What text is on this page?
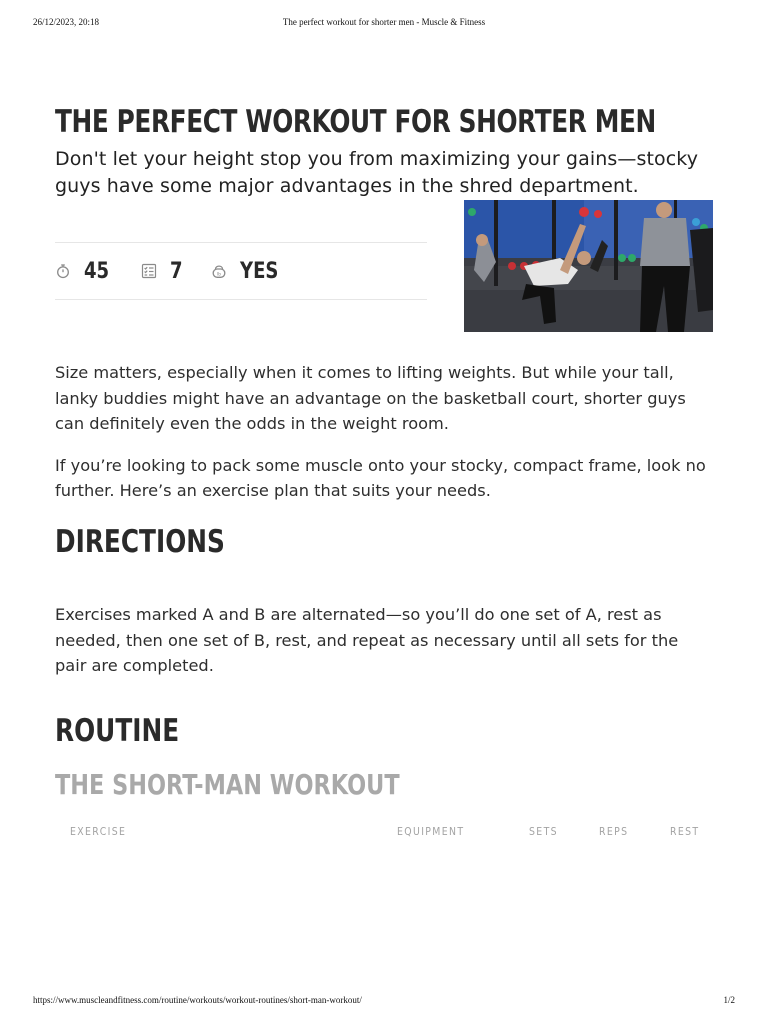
26/12/2023, 20:18	The perfect workout for shorter men - Muscle & Fitness
THE PERFECT WORKOUT FOR SHORTER MEN

Don't let your height stop you from maximizing your gains—stocky guys have some major advantages in the shred department.

45	7	lb YES

Size matters, especially when it comes to lifting weights. But while your tall, lanky buddies might have an advantage on the basketball court, shorter guys can definitely even the odds in the weight room.

If you’re looking to pack some muscle onto your stocky, compact frame, look no further. Here’s an exercise plan that suits your needs.

DIRECTIONS

Exercises marked A and B are alternated—so you’ll do one set of A, rest as needed, then one set of B, rest, and repeat as necessary until all sets for the pair are completed.

ROUTINE
THE SHORT-MAN WORKOUT
EXERCISE	EQUIPMENT	SETS	REPS	REST
https://www.muscleandfitness.com/routine/workouts/workout-routines/short-man-workout/	1/2
